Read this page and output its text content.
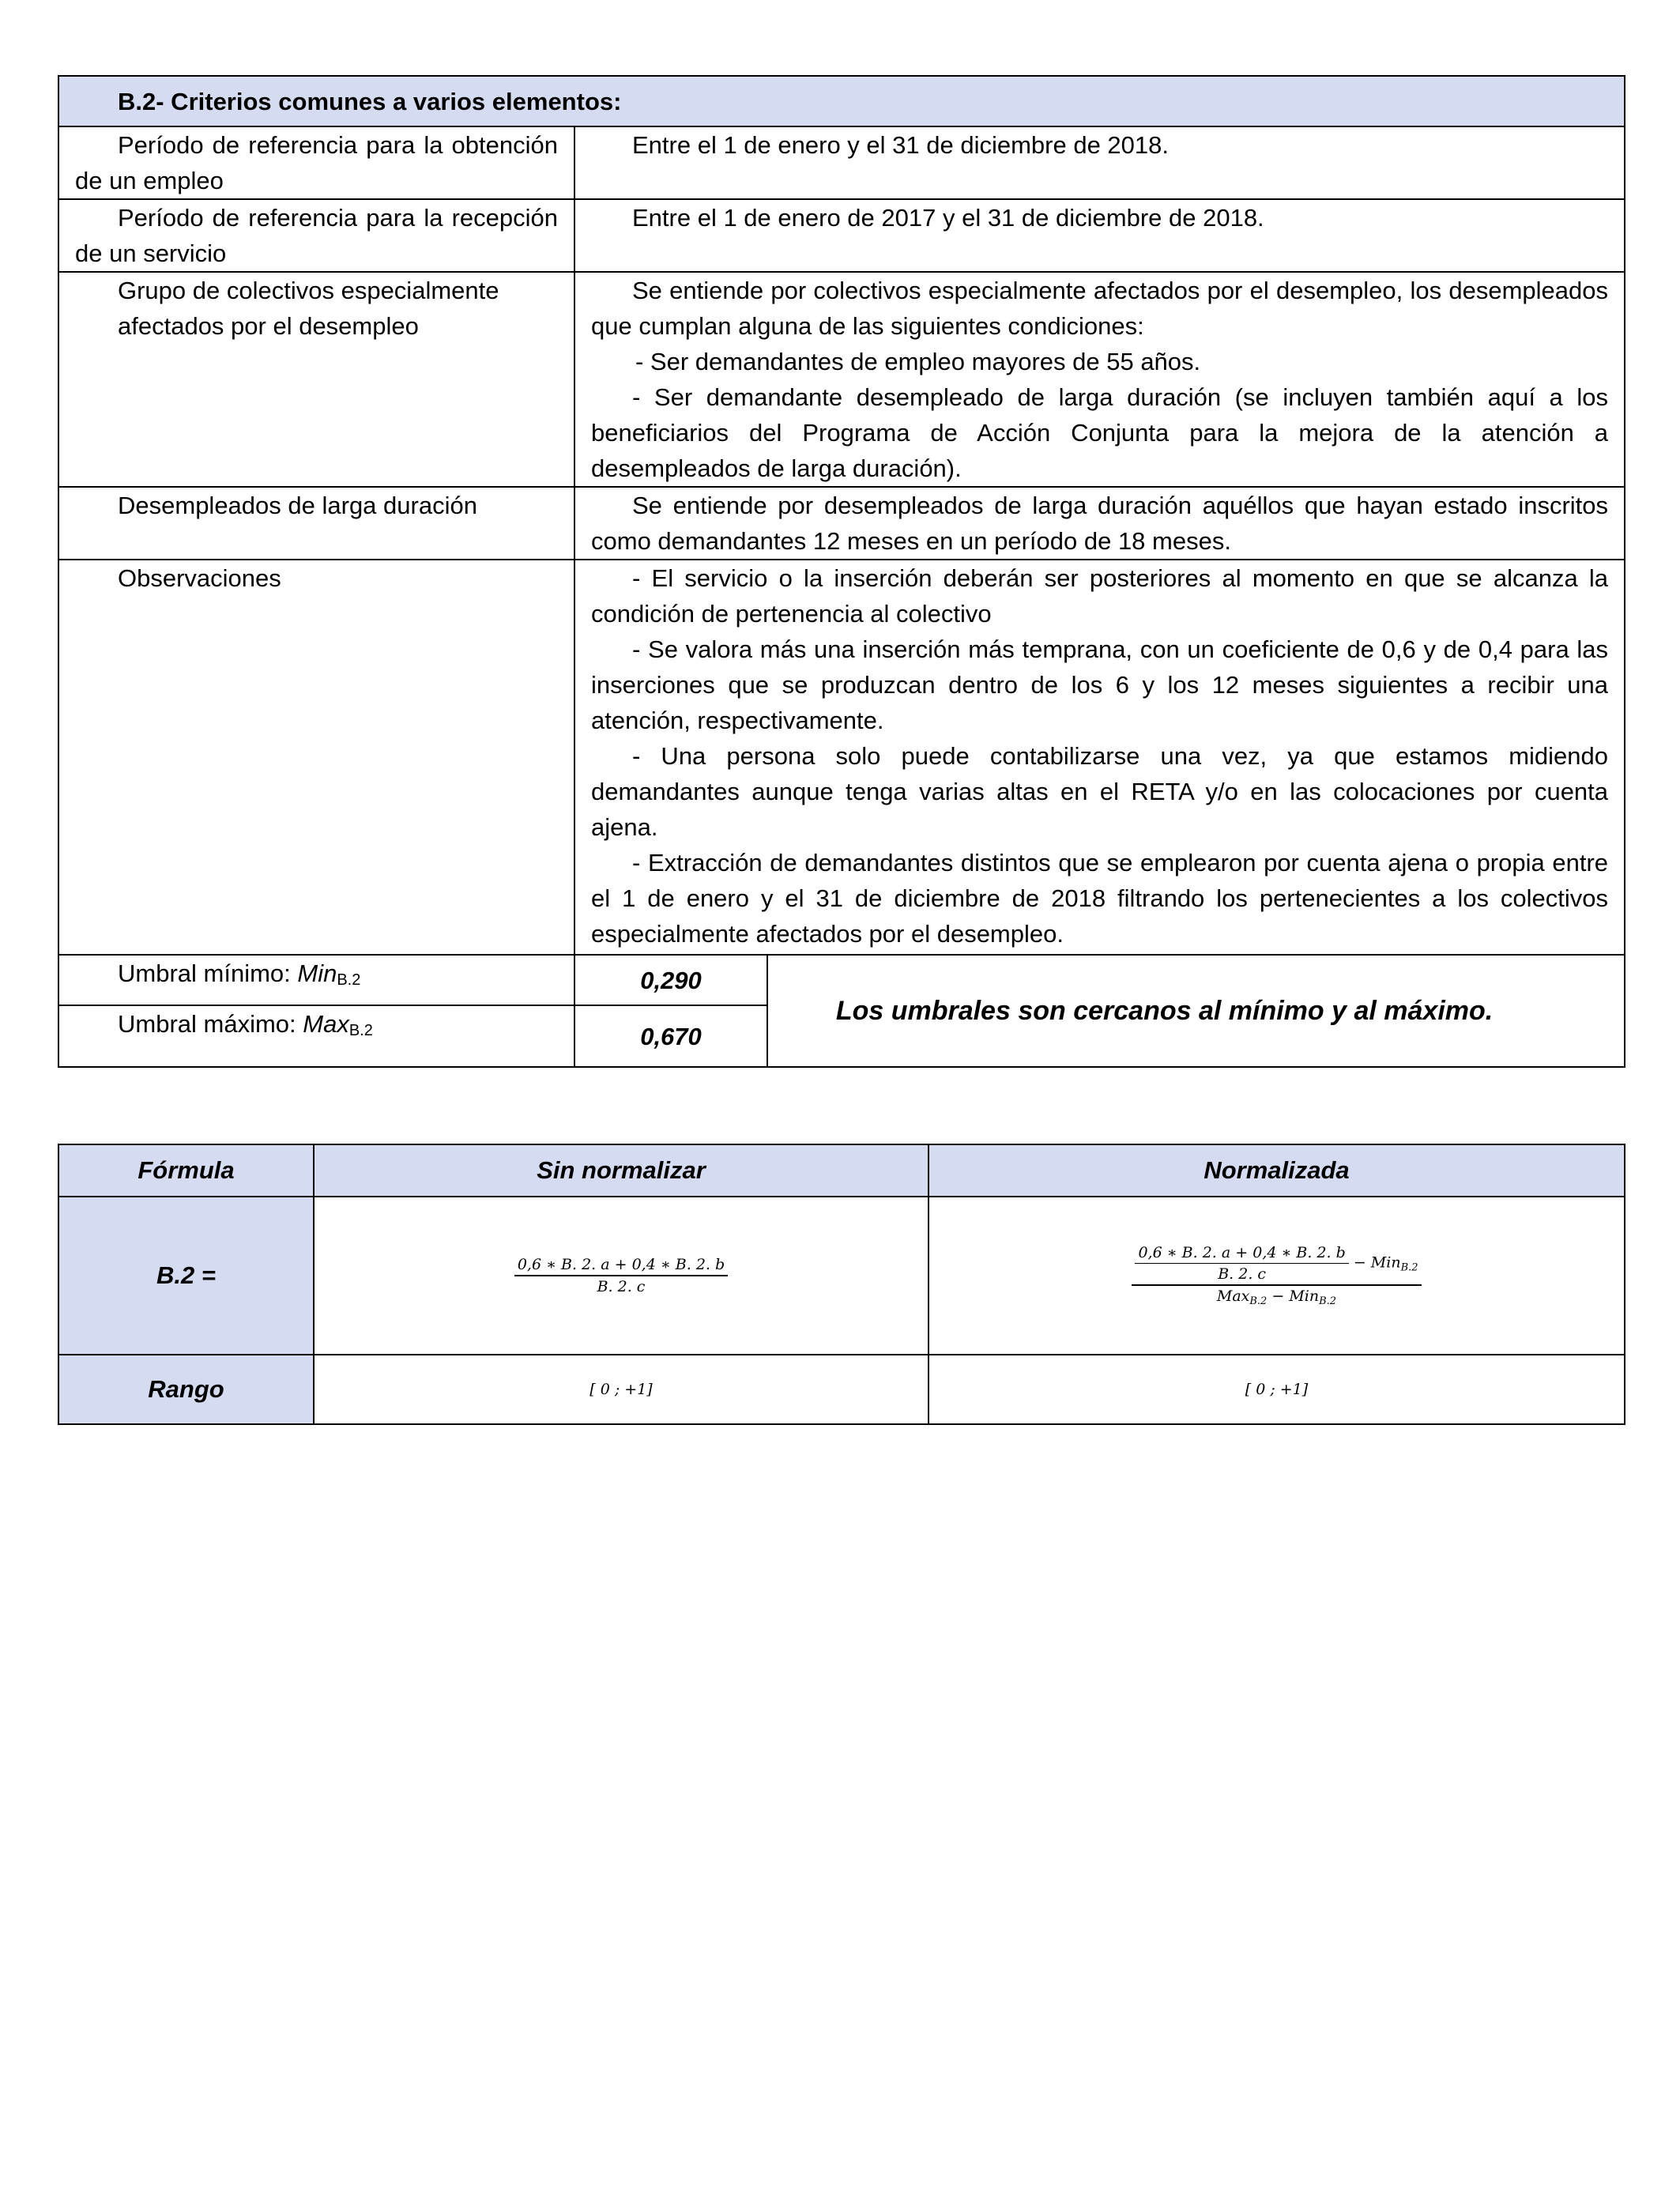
B.2- Criterios comunes a varios elementos:		
Período de referencia para la obtención de un empleo	Entre el 1 de enero y el 31 de diciembre de 2018.	

Período de referencia para la recepción de un servicio	Entre el 1 de enero de 2017 y el 31 de diciembre de 2018.	

Grupo de colectivos especialmente afectados por el desempleo	Se entiende por colectivos especialmente afectados por el desempleo, los desempleados que cumplan alguna de las siguientes condiciones:

- Ser demandantes de empleo mayores de 55 años.

- Ser demandante desempleado de larga duración (se incluyen también aquí a los beneficiarios del Programa de Acción Conjunta para la mejora de la atención a desempleados de larga duración).	

Desempleados de larga duración	Se entiende por desempleados de larga duración aquéllos que hayan estado inscritos como demandantes 12 meses en un período de 18 meses.	

Observaciones	- El servicio o la inserción deberán ser posteriores al momento en que se alcanza la condición de pertenencia al colectivo

- Se valora más una inserción más temprana, con un coeficiente de 0,6 y de 0,4 para las inserciones que se produzcan dentro de los 6 y los 12 meses siguientes a recibir una atención, respectivamente.

- Una persona solo puede contabilizarse una vez, ya que estamos midiendo demandantes aunque tenga varias altas en el RETA y/o en las colocaciones por cuenta ajena.

- Extracción de demandantes distintos que se emplearon por cuenta ajena o propia entre el 1 de enero y el 31 de diciembre de 2018 filtrando los pertenecientes a los colectivos especialmente afectados por el desempleo.	

Umbral mínimo: Min$_{B.2}$	0,290	Los umbrales son cercanos al mínimo y al máximo.
Umbral máximo: Max$_{B.2}$	0,670	
Fórmula	Sin normalizar	Normalizada
B.2 =	$\frac{0,6 ∗ B. 2. a + 0,4 ∗ B. 2. b}{B. 2. c}$	$\frac{0,6 ∗ B. 2. a + 0,4 ∗ B. 2. b}{B. 2. c} - Min_{B.2}$
Max$_{B.2}$ − Min$_{B.2}$

Rango	[ 0 ; +1]	[ 0 ; +1]
